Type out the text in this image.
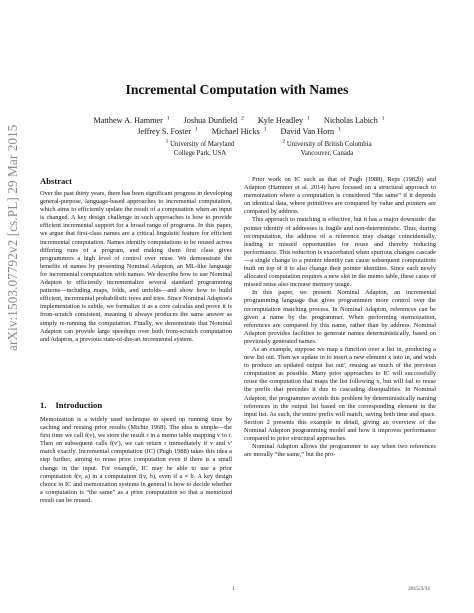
arXiv:1503.07792v2 [cs.PL] 29 Mar 2015
Incremental Computation with Names
Matthew A. Hammer $^1$ Joshua Dunfield $^2$ Kyle Headley $^1$ Nicholas Labich $^1$
Jeffrey S. Foster $^1$ Michael Hicks $^1$ David Van Horn $^1$
$^1$ University of Maryland
College Park, USA
$^2$ University of British Columbia
Vancouver, Canada
Abstract

Over the past thirty years, there has been significant progress in developing general-purpose, language-based approaches to incremental computation, which aims to efficiently update the result of a computation when an input is changed. A key design challenge in such approaches is how to provide efficient incremental support for a broad range of programs. In this paper, we argue that first-class names are a critical linguistic feature for efficient incremental computation. Names identify computations to be reused across differing runs of a program, and making them first class gives programmers a high level of control over reuse. We demonstrate the benefits of names by presenting Nominal Adapton, an ML-like language for incremental computation with names. We describe how to use Nominal Adapton to efficiently incrementalize several standard programming patterns—including maps, folds, and unfolds—and show how to build efficient, incremental probabilistic trees and tries. Since Nominal Adapton's implementation is subtle, we formalize it as a core calculus and prove it is from-scratch consistent, meaning it always produces the same answer as simply re-running the computation. Finally, we demonstrate that Nominal Adapton can provide large speedups over both from-scratch computation and Adapton, a previous state-of-the-art incremental system.

1. Introduction

Memoization is a widely used technique to speed up running time by caching and reusing prior results (Michie 1968). The idea is simple—the first time we call f(v), we store the result r in a memo table mapping v to r. Then on subsequent calls f(v'), we can return r immediately if v and v' match exactly. Incremental computation (IC) (Pugh 1988) takes this idea a step further, aiming to reuse prior computation even if there is a small change in the input. For example, IC may be able to use a prior computation f(v, a) in a computation f(v, b), even if a ≠ b. A key design choice in IC and memoization systems in general is how to decide whether a computation is “the same” as a prior computation so that a memoized result can be reused.

Prior work on IC such as that of Pugh (1988), Reps (1982b) and Adapton (Hammer et al. 2014) have focused on a structural approach to memoization where a computation is considered “the same” if it depends on identical data, where primitives are compared by value and pointers are compared by address.

This approach to matching is effective, but it has a major downside: the pointer identity of addresses is fragile and non-deterministic. Thus, during recomputation, the address of a reference may change coincidentally, leading to missed opportunities for reuse and thereby reducing performance. This reduction is exacerbated when spurious changes cascade—a single change to a pointer identity can cause subsequent computations built on top of it to also change their pointer identities. Since each newly allocated computation requires a new slot in the memo table, these cases of missed reuse also increase memory usage.

In this paper, we present Nominal Adapton, an incremental programming language that gives programmers more control over the recomputation matching process. In Nominal Adapton, references can be given a name by the programmer. When performing memoization, references are compared by this name, rather than by address. Nominal Adapton provides facilities to generate names deterministically, based on previously generated names.

As an example, suppose we map a function over a list in, producing a new list out. Then we update in to insert a new element x into in, and wish to produce an updated output list out', reusing as much of the previous computation as possible. Many prior approaches to IC will successfully reuse the computation that maps the list following x, but will fail to reuse the prefix that precedes it due to cascading disequalities. In Nominal Adapton, the programmer avoids this problem by deterministically naming references in the output list based on the corresponding element in the input list. As such, the entire prefix will match, saving both time and space. Section 2 presents this example in detail, giving an overview of the Nominal Adapton programming model and how it improves performance compared to prior structural approaches.

Nominal Adapton allows the programmer to say when two references are morally “the same,” but the pro-

1	2015/3/31
